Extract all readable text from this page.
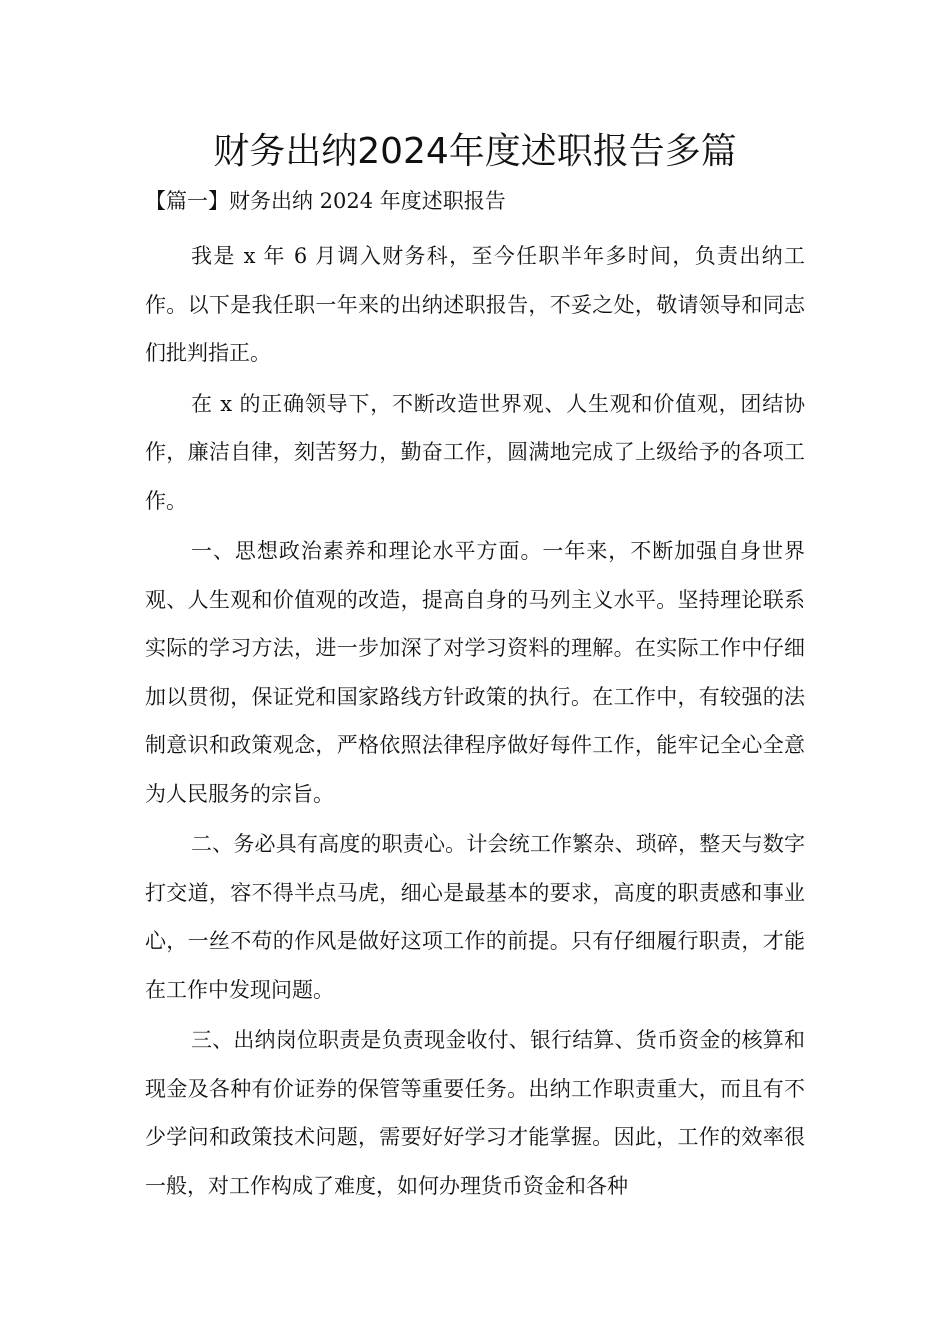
财务出纳2024年度述职报告多篇

【篇一】财务出纳 2024 年度述职报告

我是 x 年 6 月调入财务科，至今任职半年多时间，负责出纳工作。以下是我任职一年来的出纳述职报告，不妥之处，敬请领导和同志们批判指正。

在 x 的正确领导下，不断改造世界观、人生观和价值观，团结协作，廉洁自律，刻苦努力，勤奋工作，圆满地完成了上级给予的各项工作。

一、思想政治素养和理论水平方面。一年来，不断加强自身世界观、人生观和价值观的改造，提高自身的马列主义水平。坚持理论联系实际的学习方法，进一步加深了对学习资料的理解。在实际工作中仔细加以贯彻，保证党和国家路线方针政策的执行。在工作中，有较强的法制意识和政策观念，严格依照法律程序做好每件工作，能牢记全心全意为人民服务的宗旨。

二、务必具有高度的职责心。计会统工作繁杂、琐碎，整天与数字打交道，容不得半点马虎，细心是最基本的要求，高度的职责感和事业心，一丝不苟的作风是做好这项工作的前提。只有仔细履行职责，才能在工作中发现问题。

三、出纳岗位职责是负责现金收付、银行结算、货币资金的核算和现金及各种有价证券的保管等重要任务。出纳工作职责重大，而且有不少学问和政策技术问题，需要好好学习才能掌握。因此，工作的效率很一般，对工作构成了难度，如何办理货币资金和各种
